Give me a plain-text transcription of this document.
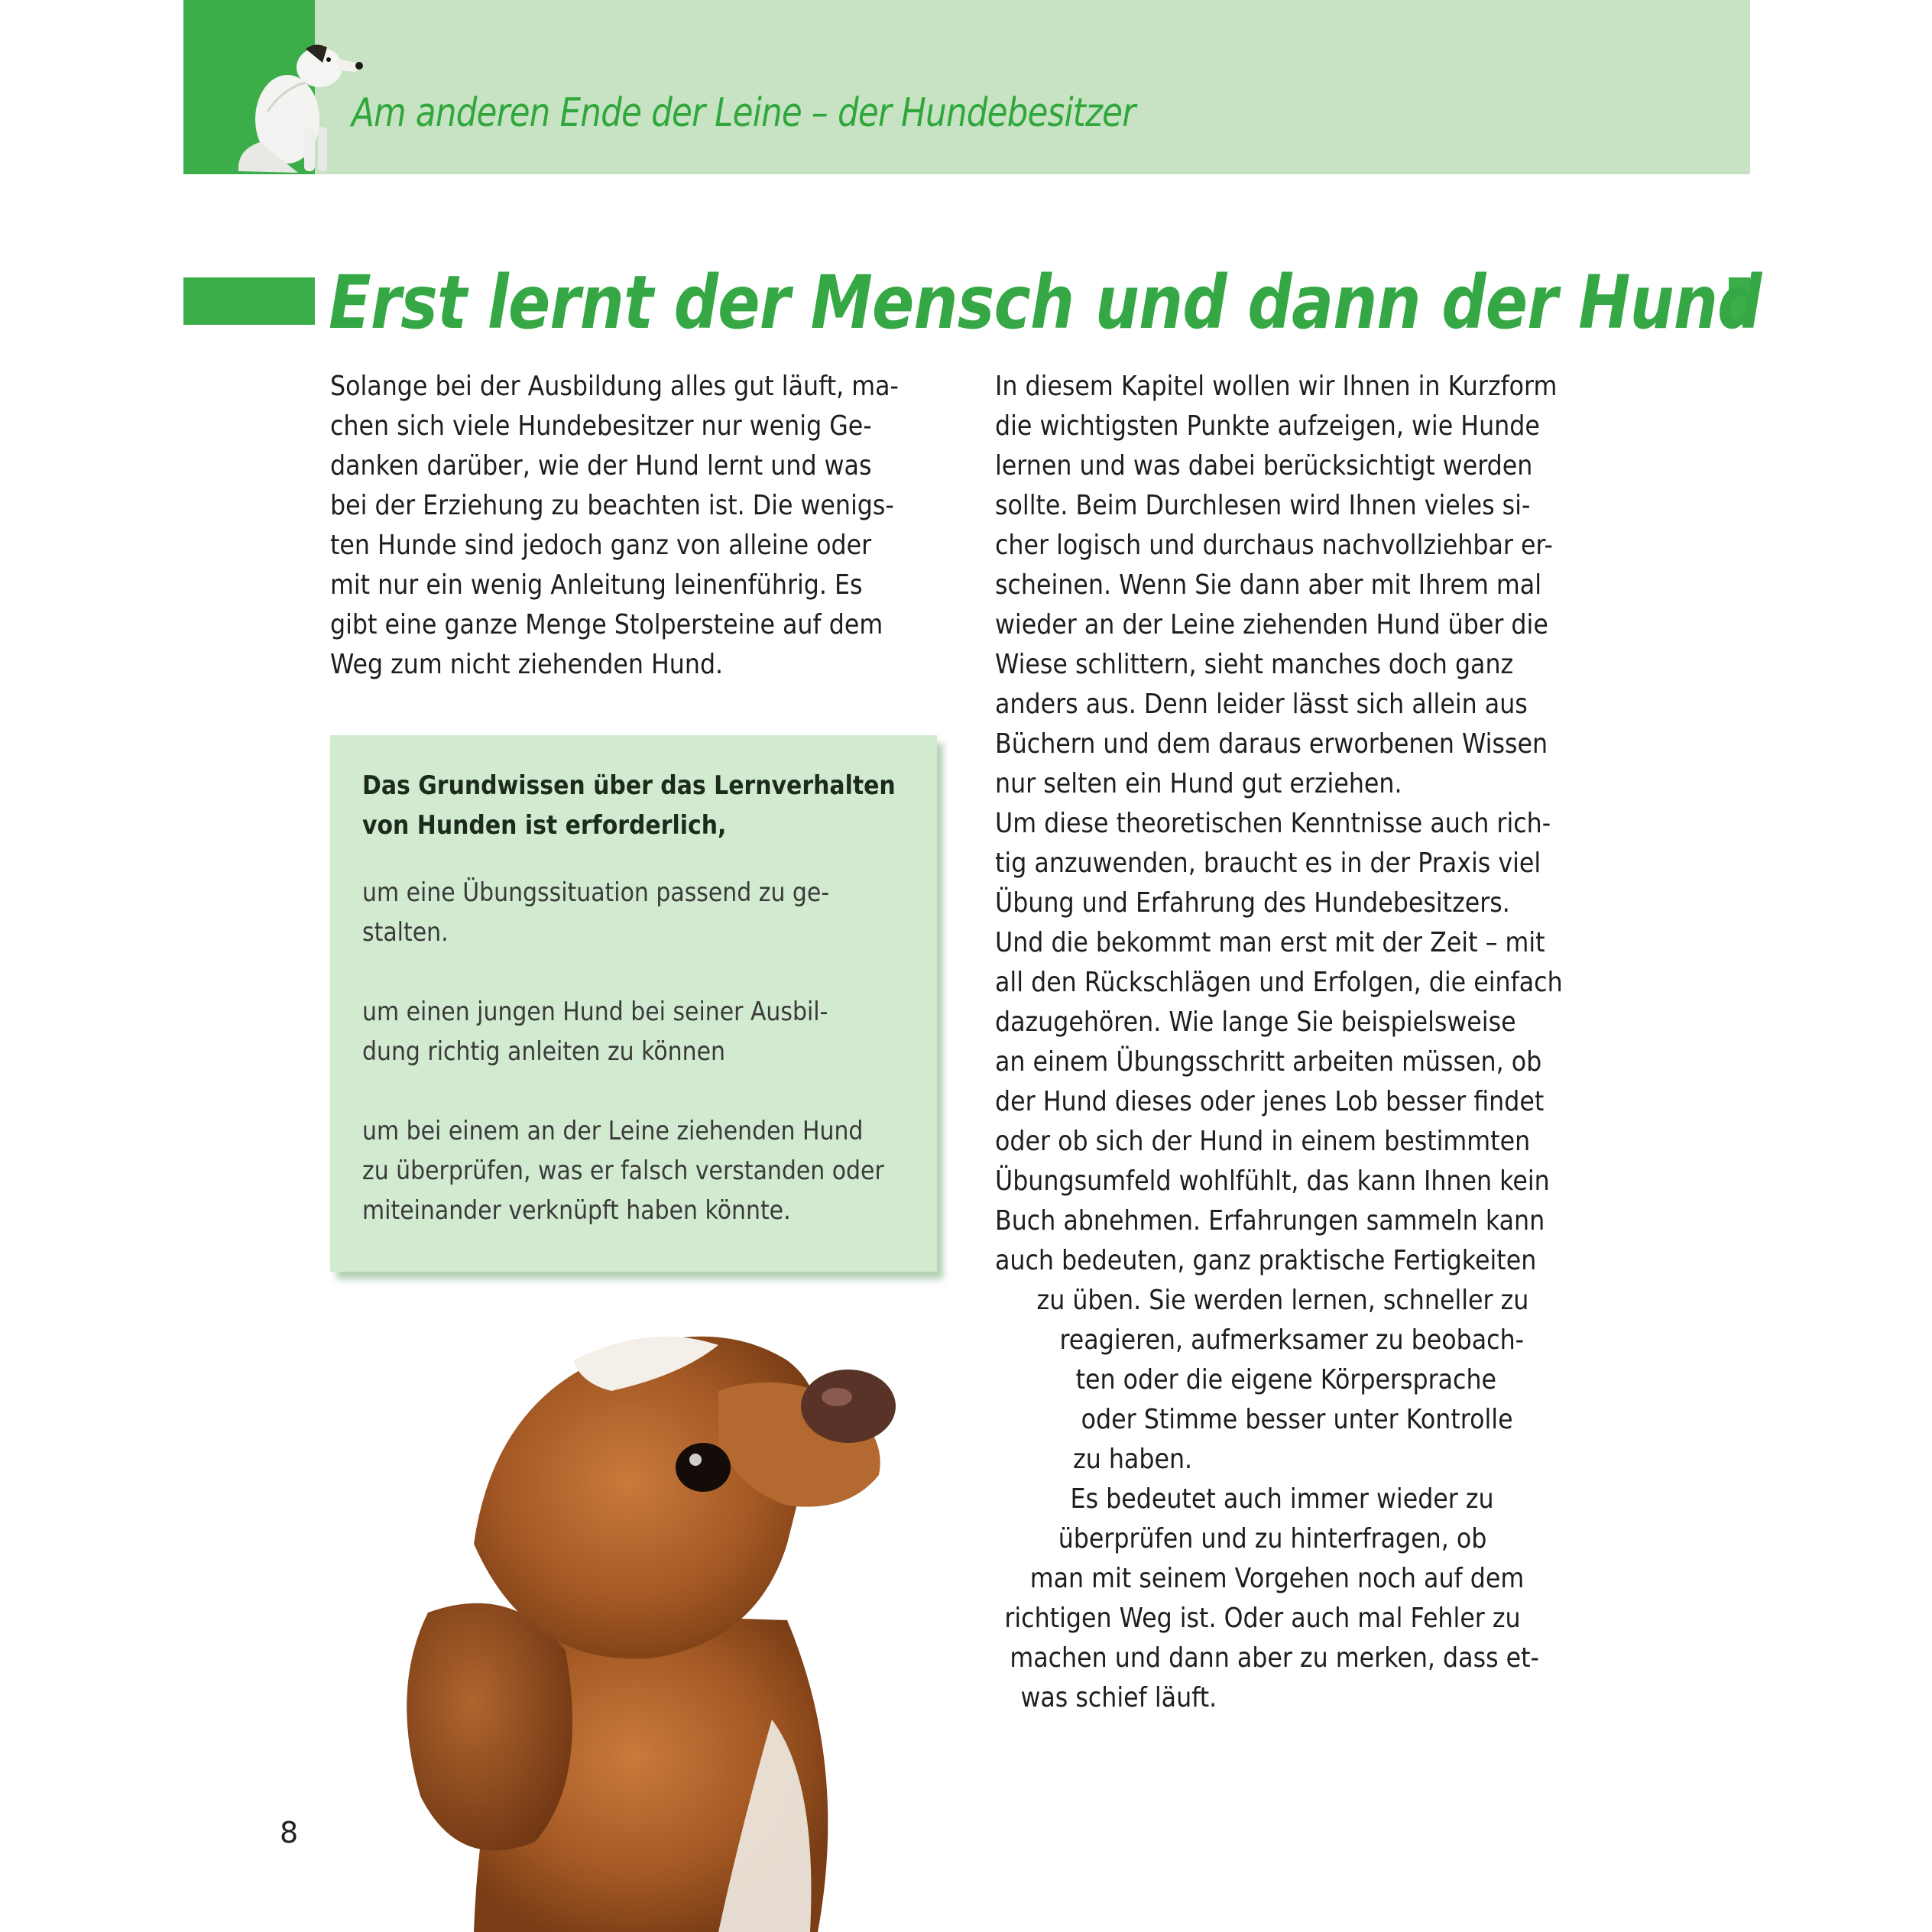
Am anderen Ende der Leine – der Hundebesitzer
Erst lernt der Mensch und dann der Hund
Solange bei der Ausbildung alles gut läuft, ma-
chen sich viele Hundebesitzer nur wenig Ge-
danken darüber, wie der Hund lernt und was
bei der Erziehung zu beachten ist. Die wenigs-
ten Hunde sind jedoch ganz von alleine oder
mit nur ein wenig Anleitung leinenführig. Es
gibt eine ganze Menge Stolpersteine auf dem
Weg zum nicht ziehenden Hund.
Das Grundwissen über das Lernverhalten
von Hunden ist erforderlich,
um eine Übungssituation passend zu ge-
stalten.
um einen jungen Hund bei seiner Ausbil-
dung richtig anleiten zu können
um bei einem an der Leine ziehenden Hund
zu überprüfen, was er falsch verstanden oder
miteinander verknüpft haben könnte.
In diesem Kapitel wollen wir Ihnen in Kurzform
die wichtigsten Punkte aufzeigen, wie Hunde
lernen und was dabei berücksichtigt werden
sollte. Beim Durchlesen wird Ihnen vieles si-
cher logisch und durchaus nachvollziehbar er-
scheinen. Wenn Sie dann aber mit Ihrem mal
wieder an der Leine ziehenden Hund über die
Wiese schlittern, sieht manches doch ganz
anders aus. Denn leider lässt sich allein aus
Büchern und dem daraus erworbenen Wissen
nur selten ein Hund gut erziehen.
Um diese theoretischen Kenntnisse auch rich-
tig anzuwenden, braucht es in der Praxis viel
Übung und Erfahrung des Hundebesitzers.
Und die bekommt man erst mit der Zeit – mit
all den Rückschlägen und Erfolgen, die einfach
dazugehören. Wie lange Sie beispielsweise
an einem Übungsschritt arbeiten müssen, ob
der Hund dieses oder jenes Lob besser findet
oder ob sich der Hund in einem bestimmten
Übungsumfeld wohlfühlt, das kann Ihnen kein
Buch abnehmen. Erfahrungen sammeln kann
auch bedeuten, ganz praktische Fertigkeiten
zu üben. Sie werden lernen, schneller zu
reagieren, aufmerksamer zu beobach-
ten oder die eigene Körpersprache
oder Stimme besser unter Kontrolle
zu haben.
Es bedeutet auch immer wieder zu
überprüfen und zu hinterfragen, ob
man mit seinem Vorgehen noch auf dem
richtigen Weg ist. Oder auch mal Fehler zu
machen und dann aber zu merken, dass et-
was schief läuft.
8
